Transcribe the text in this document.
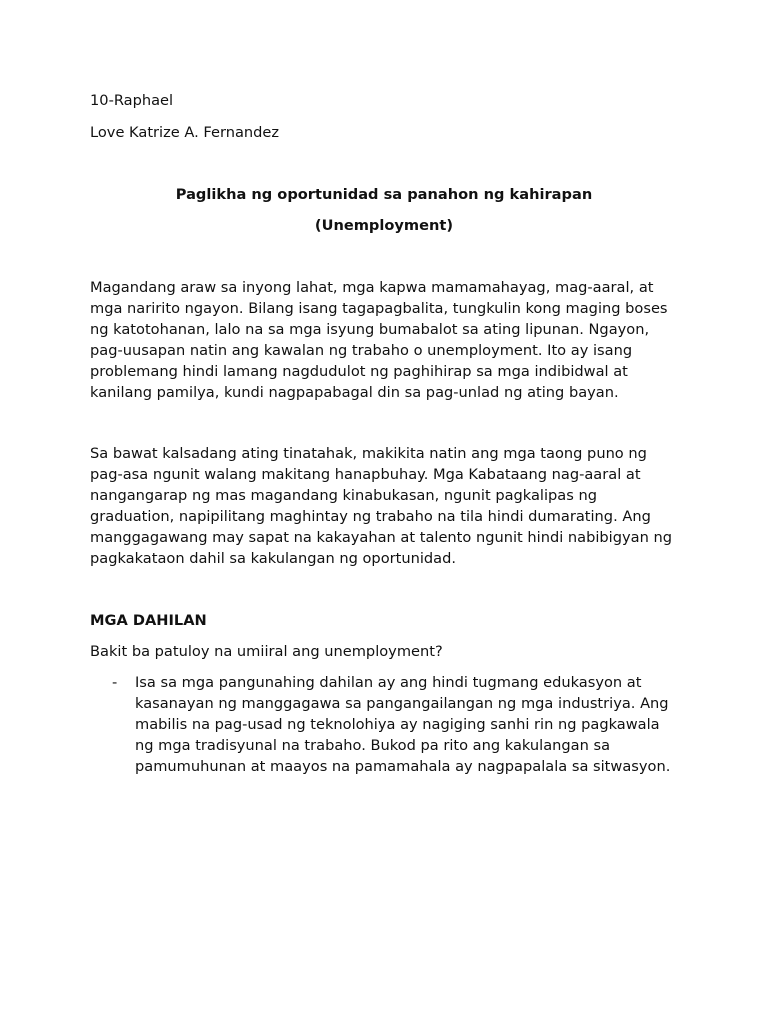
10-Raphael

Love Katrize A. Fernandez

Paglikha ng oportunidad sa panahon ng kahirapan

(Unemployment)

Magandang araw sa inyong lahat, mga kapwa mamamahayag, mag-aaral, at mga naririto ngayon. Bilang isang tagapagbalita, tungkulin kong maging boses ng katotohanan, lalo na sa mga isyung bumabalot sa ating lipunan. Ngayon, pag-uusapan natin ang kawalan ng trabaho o unemployment. Ito ay isang problemang hindi lamang nagdudulot ng paghihirap sa mga indibidwal at kanilang pamilya, kundi nagpapabagal din sa pag-unlad ng ating bayan.

Sa bawat kalsadang ating tinatahak, makikita natin ang mga taong puno ng pag-asa ngunit walang makitang hanapbuhay. Mga Kabataang nag-aaral at nangangarap ng mas magandang kinabukasan, ngunit pagkalipas ng graduation, napipilitang maghintay ng trabaho na tila hindi dumarating. Ang manggagawang may sapat na kakayahan at talento ngunit hindi nabibigyan ng pagkakataon dahil sa kakulangan ng oportunidad.

MGA DAHILAN

Bakit ba patuloy na umiiral ang unemployment?

- Isa sa mga pangunahing dahilan ay ang hindi tugmang edukasyon at kasanayan ng manggagawa sa pangangailangan ng mga industriya. Ang mabilis na pag-usad ng teknolohiya ay nagiging sanhi rin ng pagkawala ng mga tradisyunal na trabaho. Bukod pa rito ang kakulangan sa pamumuhunan at maayos na pamamahala ay nagpapalala sa sitwasyon.
